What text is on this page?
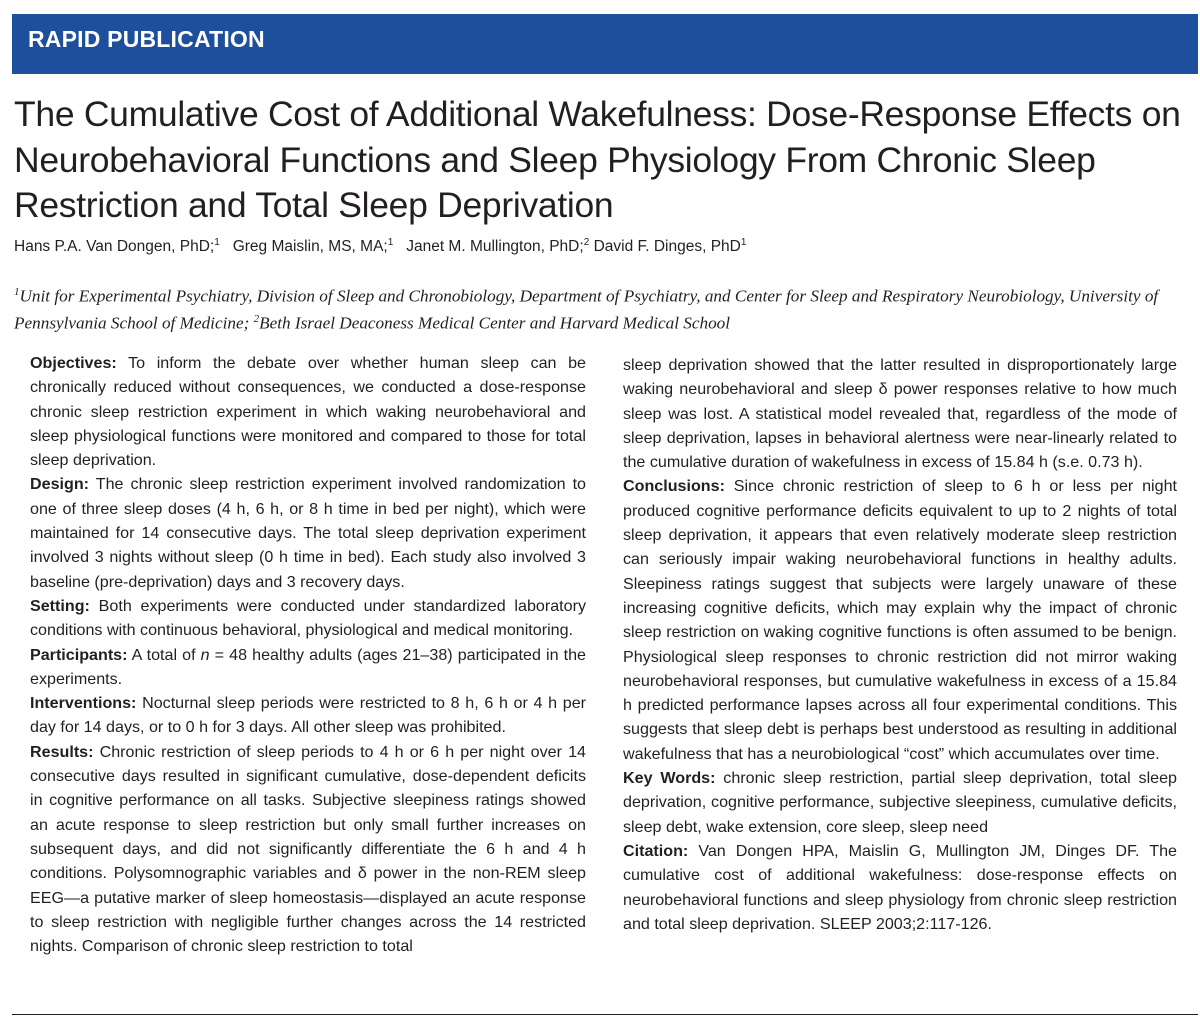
RAPID PUBLICATION
The Cumulative Cost of Additional Wakefulness: Dose-Response Effects on Neurobehavioral Functions and Sleep Physiology From Chronic Sleep Restriction and Total Sleep Deprivation
Hans P.A. Van Dongen, PhD;$^1$ Greg Maislin, MS, MA;$^1$ Janet M. Mullington, PhD;$^2$ David F. Dinges, PhD$^1$
$^1$Unit for Experimental Psychiatry, Division of Sleep and Chronobiology, Department of Psychiatry, and Center for Sleep and Respiratory Neurobiology, University of Pennsylvania School of Medicine; $^2$Beth Israel Deaconess Medical Center and Harvard Medical School

Objectives: To inform the debate over whether human sleep can be chronically reduced without consequences, we conducted a dose-response chronic sleep restriction experiment in which waking neurobehavioral and sleep physiological functions were monitored and compared to those for total sleep deprivation.

Design: The chronic sleep restriction experiment involved randomization to one of three sleep doses (4 h, 6 h, or 8 h time in bed per night), which were maintained for 14 consecutive days. The total sleep deprivation experiment involved 3 nights without sleep (0 h time in bed). Each study also involved 3 baseline (pre-deprivation) days and 3 recovery days.

Setting: Both experiments were conducted under standardized laboratory conditions with continuous behavioral, physiological and medical monitoring.

Participants: A total of n = 48 healthy adults (ages 21–38) participated in the experiments.

Interventions: Nocturnal sleep periods were restricted to 8 h, 6 h or 4 h per day for 14 days, or to 0 h for 3 days. All other sleep was prohibited.

Results: Chronic restriction of sleep periods to 4 h or 6 h per night over 14 consecutive days resulted in significant cumulative, dose-dependent deficits in cognitive performance on all tasks. Subjective sleepiness ratings showed an acute response to sleep restriction but only small further increases on subsequent days, and did not significantly differentiate the 6 h and 4 h conditions. Polysomnographic variables and δ power in the non-REM sleep EEG—a putative marker of sleep homeostasis—displayed an acute response to sleep restriction with negligible further changes across the 14 restricted nights. Comparison of chronic sleep restriction to total

sleep deprivation showed that the latter resulted in disproportionately large waking neurobehavioral and sleep δ power responses relative to how much sleep was lost. A statistical model revealed that, regardless of the mode of sleep deprivation, lapses in behavioral alertness were near-linearly related to the cumulative duration of wakefulness in excess of 15.84 h (s.e. 0.73 h).

Conclusions: Since chronic restriction of sleep to 6 h or less per night produced cognitive performance deficits equivalent to up to 2 nights of total sleep deprivation, it appears that even relatively moderate sleep restriction can seriously impair waking neurobehavioral functions in healthy adults. Sleepiness ratings suggest that subjects were largely unaware of these increasing cognitive deficits, which may explain why the impact of chronic sleep restriction on waking cognitive functions is often assumed to be benign. Physiological sleep responses to chronic restriction did not mirror waking neurobehavioral responses, but cumulative wakefulness in excess of a 15.84 h predicted performance lapses across all four experimental conditions. This suggests that sleep debt is perhaps best understood as resulting in additional wakefulness that has a neurobiological “cost” which accumulates over time.

Key Words: chronic sleep restriction, partial sleep deprivation, total sleep deprivation, cognitive performance, subjective sleepiness, cumulative deficits, sleep debt, wake extension, core sleep, sleep need

Citation: Van Dongen HPA, Maislin G, Mullington JM, Dinges DF. The cumulative cost of additional wakefulness: dose-response effects on neurobehavioral functions and sleep physiology from chronic sleep restriction and total sleep deprivation. SLEEP 2003;2:117-126.
